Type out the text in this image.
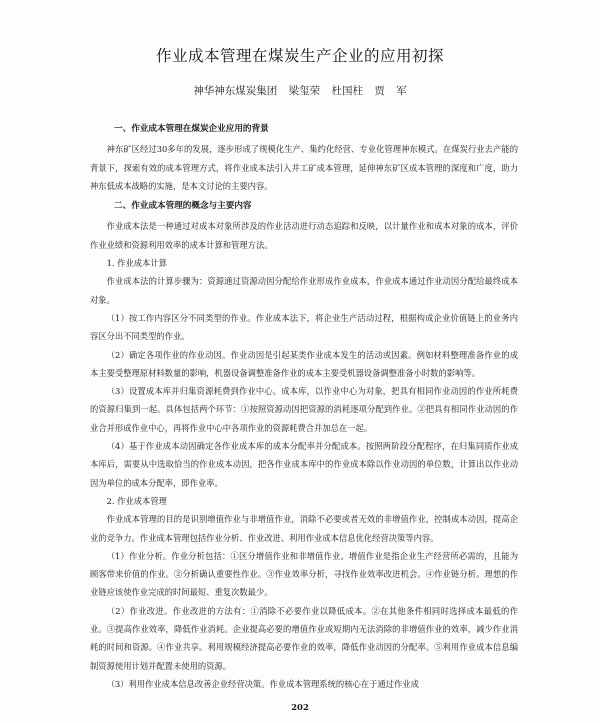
作业成本管理在煤炭生产企业的应用初探
神华神东煤炭集团 梁玺荣 杜国柱 贾 军
一、作业成本管理在煤炭企业应用的背景

神东矿区经过30多年的发展，逐步形成了规模化生产、集约化经营、专业化管理神东模式。在煤炭行业去产能的背景下，探索有效的成本管理方式，将作业成本法引入井工矿成本管理，延伸神东矿区成本管理的深度和广度，助力神东低成本战略的实施，是本文讨论的主要内容。

二、作业成本管理的概念与主要内容

作业成本法是一种通过对成本对象所涉及的作业活动进行动态追踪和反映，以计量作业和成本对象的成本，评价作业业绩和资源利用效率的成本计算和管理方法。

1. 作业成本计算

作业成本法的计算步骤为：资源通过资源动因分配给作业形成作业成本，作业成本通过作业动因分配给最终成本对象。

（1）按工作内容区分不同类型的作业。作业成本法下，将企业生产活动过程，根据构成企业价值链上的业务内容区分出不同类型的作业。

（2）确定各项作业的作业动因。作业动因是引起某类作业成本发生的活动或因素。例如材料整理准备作业的成本主要受整理原材料数量的影响，机器设备调整准备作业的成本主要受机器设备调整准备小时数的影响等。

（3）设置成本库并归集资源耗费到作业中心。成本库，以作业中心为对象，把具有相同作业动因的作业所耗费的资源归集到一起。具体包括两个环节：①按照资源动因把资源的消耗逐项分配到作业。②把具有相同作业动因的作业合并形成作业中心，再将作业中心中各项作业的资源耗费合并加总在一起。

（4）基于作业成本动因确定各作业成本库的成本分配率并分配成本。按照两阶段分配程序，在归集同质作业成本库后，需要从中选取恰当的作业成本动因，把各作业成本库中的作业成本除以作业动因的单位数，计算出以作业动因为单位的成本分配率，即作业率。

2. 作业成本管理

作业成本管理的目的是识别增值作业与非增值作业，消除不必要或者无效的非增值作业，控制成本动因，提高企业的竞争力。作业成本管理包括作业分析、作业改进、利用作业成本信息优化经营决策等内容。

（1）作业分析。作业分析包括：①区分增值作业和非增值作业。增值作业是指企业生产经营所必需的，且能为顾客带来价值的作业。②分析确认重要性作业。③作业效率分析，寻找作业效率改进机会。④作业链分析。理想的作业链应该使作业完成的时间最短、重复次数最少。

（2）作业改进。作业改进的方法有：①消除不必要作业以降低成本。②在其他条件相同时选择成本最低的作业。③提高作业效率，降低作业消耗。企业提高必要的增值作业或短期内无法消除的非增值作业的效率，减少作业消耗的时间和资源。④作业共享。利用规模经济提高必要作业的效率，降低作业动因的分配率。⑤利用作业成本信息编制资源使用计划并配置未使用的资源。

（3）利用作业成本信息改善企业经营决策。作业成本管理系统的核心在于通过作业成

202
